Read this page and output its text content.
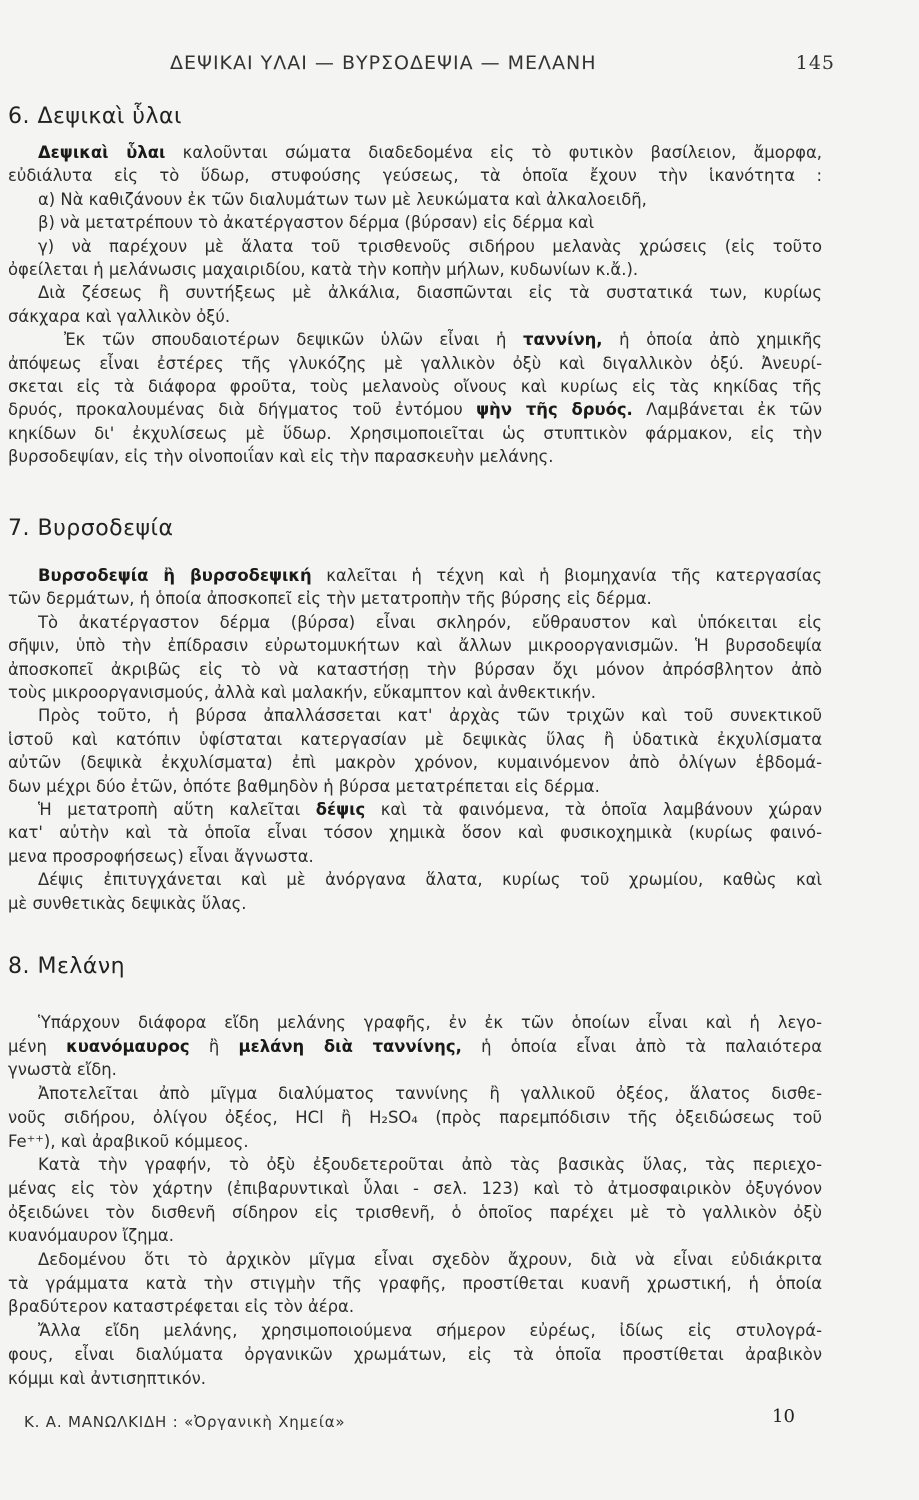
ΔΕΨΙΚΑΙ ΥΛΑΙ — ΒΥΡΣΟΔΕΨΙΑ — ΜΕΛΑΝΗ	145
6. Δεψικαὶ ὗλαι
Δεψικαὶ ὗλαι καλοῦνται σώματα διαδεδομένα εἰς τὸ φυτικὸν βασίλειον, ἄμορφα,
εὐδιάλυτα εἰς τὸ ὕδωρ, στυφούσης γεύσεως, τὰ ὁποῖα ἔχουν τὴν ἱκανότητα :
α) Νὰ καθιζάνουν ἐκ τῶν διαλυμάτων των μὲ λευκώματα καὶ ἀλκαλοειδῆ,
β) νὰ μετατρέπουν τὸ ἀκατέργαστον δέρμα (βύρσαν) εἰς δέρμα καὶ
γ) νὰ παρέχουν μὲ ἅλατα τοῦ τρισθενοῦς σιδήρου μελανὰς χρώσεις (εἰς τοῦτο
ὀφείλεται ἡ μελάνωσις μαχαιριδίου, κατὰ τὴν κοπὴν μήλων, κυδωνίων κ.ἄ.).
Διὰ ζέσεως ἢ συντήξεως μὲ ἀλκάλια, διασπῶνται εἰς τὰ συστατικά των, κυρίως
σάκχαρα καὶ γαλλικὸν ὀξύ.
Ἐκ τῶν σπουδαιοτέρων δεψικῶν ὑλῶν εἶναι ἡ ταννίνη, ἡ ὁποία ἀπὸ χημικῆς
ἀπόψεως εἶναι ἐστέρες τῆς γλυκόζης μὲ γαλλικὸν ὀξὺ καὶ διγαλλικὸν ὀξύ. Ἀνευρί-
σκεται εἰς τὰ διάφορα φροῦτα, τοὺς μελανοὺς οἴνους καὶ κυρίως εἰς τὰς κηκίδας τῆς
δρυός, προκαλουμένας διὰ δήγματος τοῦ ἐντόμου ψὴν τῆς δρυός. Λαμβάνεται ἐκ τῶν
κηκίδων δι' ἐκχυλίσεως μὲ ὕδωρ. Χρησιμοποιεῖται ὡς στυπτικὸν φάρμακον, εἰς τὴν
βυρσοδεψίαν, εἰς τὴν οἰνοποιΐαν καὶ εἰς τὴν παρασκευὴν μελάνης.
7. Βυρσοδεψία
Βυρσοδεψία ἢ βυρσοδεψική καλεῖται ἡ τέχνη καὶ ἡ βιομηχανία τῆς κατεργασίας
τῶν δερμάτων, ἡ ὁποία ἀποσκοπεῖ εἰς τὴν μετατροπὴν τῆς βύρσης εἰς δέρμα.
Τὸ ἀκατέργαστον δέρμα (βύρσα) εἶναι σκληρόν, εὔθραυστον καὶ ὑπόκειται εἰς
σῆψιν, ὑπὸ τὴν ἐπίδρασιν εὐρωτομυκήτων καὶ ἄλλων μικροοργανισμῶν. Ἡ βυρσοδεψία
ἀποσκοπεῖ ἀκριβῶς εἰς τὸ νὰ καταστήσῃ τὴν βύρσαν ὄχι μόνον ἀπρόσβλητον ἀπὸ
τοὺς μικροοργανισμούς, ἀλλὰ καὶ μαλακήν, εὔκαμπτον καὶ ἀνθεκτικήν.
Πρὸς τοῦτο, ἡ βύρσα ἀπαλλάσσεται κατ' ἀρχὰς τῶν τριχῶν καὶ τοῦ συνεκτικοῦ
ἱστοῦ καὶ κατόπιν ὑφίσταται κατεργασίαν μὲ δεψικὰς ὕλας ἢ ὑδατικὰ ἐκχυλίσματα
αὐτῶν (δεψικὰ ἐκχυλίσματα) ἐπὶ μακρὸν χρόνον, κυμαινόμενον ἀπὸ ὀλίγων ἑβδομά-
δων μέχρι δύο ἐτῶν, ὁπότε βαθμηδὸν ἡ βύρσα μετατρέπεται εἰς δέρμα.
Ἡ μετατροπὴ αὕτη καλεῖται δέψις καὶ τὰ φαινόμενα, τὰ ὁποῖα λαμβάνουν χώραν
κατ' αὐτὴν καὶ τὰ ὁποῖα εἶναι τόσον χημικὰ ὅσον καὶ φυσικοχημικὰ (κυρίως φαινό-
μενα προσροφήσεως) εἶναι ἄγνωστα.
Δέψις ἐπιτυγχάνεται καὶ μὲ ἀνόργανα ἅλατα, κυρίως τοῦ χρωμίου, καθὼς καὶ
μὲ συνθετικὰς δεψικὰς ὕλας.
8. Μελάνη
Ὑπάρχουν διάφορα εἴδη μελάνης γραφῆς, ἐν ἐκ τῶν ὁποίων εἶναι καὶ ἡ λεγο-
μένη κυανόμαυρος ἢ μελάνη διὰ ταννίνης, ἡ ὁποία εἶναι ἀπὸ τὰ παλαιότερα
γνωστὰ εἴδη.
Ἀποτελεῖται ἀπὸ μῖγμα διαλύματος ταννίνης ἢ γαλλικοῦ ὀξέος, ἅλατος δισθε-
νοῦς σιδήρου, ὀλίγου ὀξέος, HCl ἢ H₂SO₄ (πρὸς παρεμπόδισιν τῆς ὀξειδώσεως τοῦ
Fe⁺⁺), καὶ ἀραβικοῦ κόμμεος.
Κατὰ τὴν γραφήν, τὸ ὀξὺ ἐξουδετεροῦται ἀπὸ τὰς βασικὰς ὕλας, τὰς περιεχο-
μένας εἰς τὸν χάρτην (ἐπιβαρυντικαὶ ὗλαι - σελ. 123) καὶ τὸ ἀτμοσφαιρικὸν ὀξυγόνον
ὀξειδώνει τὸν δισθενῆ σίδηρον εἰς τρισθενῆ, ὁ ὁποῖος παρέχει μὲ τὸ γαλλικὸν ὀξὺ
κυανόμαυρον ἴζημα.
Δεδομένου ὅτι τὸ ἀρχικὸν μῖγμα εἶναι σχεδὸν ἄχρουν, διὰ νὰ εἶναι εὐδιάκριτα
τὰ γράμματα κατὰ τὴν στιγμὴν τῆς γραφῆς, προστίθεται κυανῆ χρωστική, ἡ ὁποία
βραδύτερον καταστρέφεται εἰς τὸν ἀέρα.
Ἄλλα εἴδη μελάνης, χρησιμοποιούμενα σήμερον εὐρέως, ἰδίως εἰς στυλογρά-
φους, εἶναι διαλύματα ὀργανικῶν χρωμάτων, εἰς τὰ ὁποῖα προστίθεται ἀραβικὸν
κόμμι καὶ ἀντισηπτικόν.
Κ. Α. ΜΑΝΩΛΚΙΔΗ : «Ὀργανικὴ Χημεία»	10
